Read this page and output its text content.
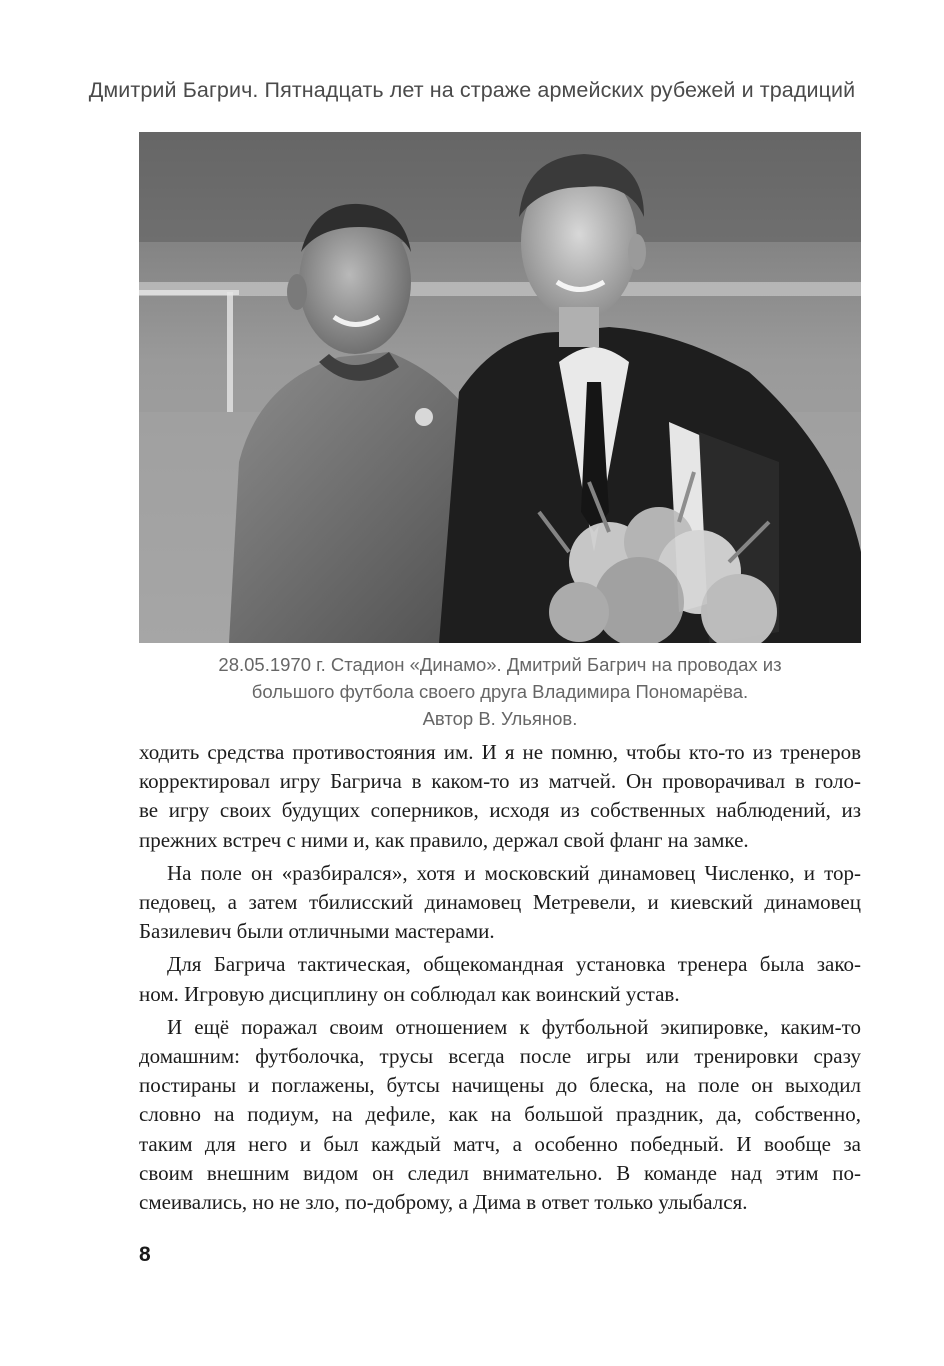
Дмитрий Багрич. Пятнадцать лет на страже армейских рубежей и традиций
28.05.1970 г. Стадион «Динамо». Дмитрий Багрич на проводах из
большого футбола своего друга Владимира Пономарёва.
Автор В. Ульянов.
ходить средства противостояния им. И я не помню, чтобы кто-то из тренеров
корректировал игру Багрича в каком-то из матчей. Он проворачивал в голо-
ве игру своих будущих соперников, исходя из собственных наблюдений, из
прежних встреч с ними и, как правило, держал свой фланг на замке.
На поле он «разбирался», хотя и московский динамовец Численко, и тор-
педовец, а затем тбилисский динамовец Метревели, и киевский динамовец
Базилевич были отличными мастерами.
Для Багрича тактическая, общекомандная установка тренера была зако-
ном. Игровую дисциплину он соблюдал как воинский устав.
И ещё поражал своим отношением к футбольной экипировке, каким-то
домашним: футболочка, трусы всегда после игры или тренировки сразу
постираны и поглажены, бутсы начищены до блеска, на поле он выходил
словно на подиум, на дефиле, как на большой праздник, да, собственно,
таким для него и был каждый матч, а особенно победный. И вообще за
своим внешним видом он следил внимательно. В команде над этим по-
смеивались, но не зло, по-доброму, а Дима в ответ только улыбался.
8
